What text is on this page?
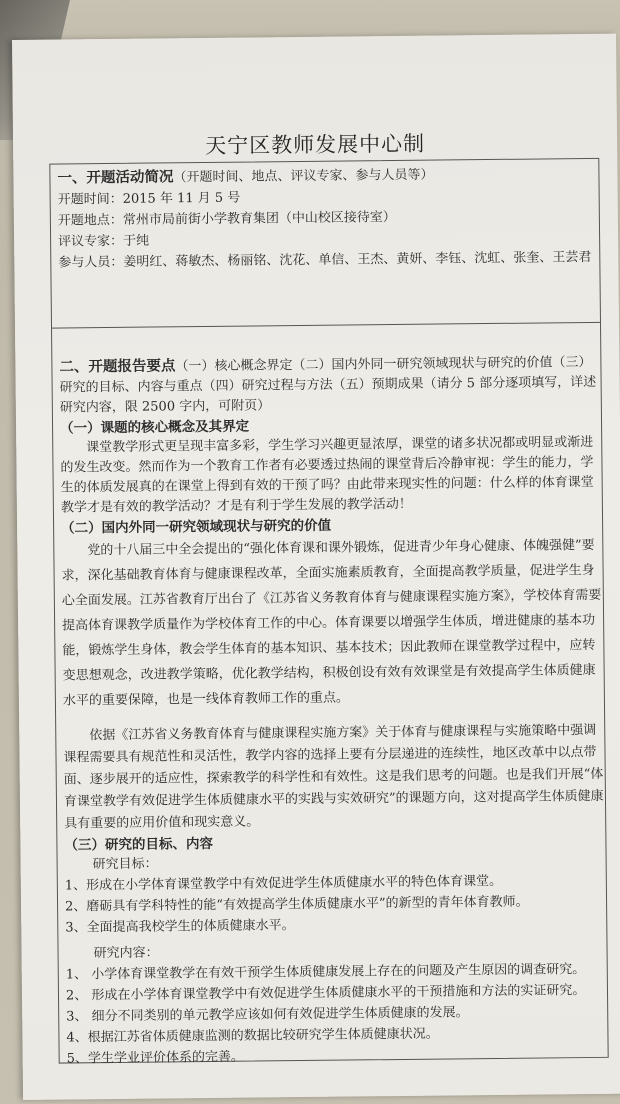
天宁区教师发展中心制
一、开题活动简况（开题时间、地点、评议专家、参与人员等）
开题时间： 2015 年 11 月 5 号
开题地点： 常州市局前街小学教育集团（中山校区接待室）
评议专家： 于纯
参与人员： 姜明红、蒋敏杰、杨丽铭、沈花、单信、王杰、黄妍、李钰、沈虹、张奎、王芸君

二、开题报告要点（一）核心概念界定（二）国内外同一研究领域现状与研究的价值（三）研究的目标、内容与重点（四）研究过程与方法（五）预期成果（请分 5 部分逐项填写，详述研究内容，限 2500 字内，可附页）

（一）课题的核心概念及其界定

课堂教学形式更呈现丰富多彩，学生学习兴趣更显浓厚，课堂的诸多状况都或明显或渐进的发生改变。然而作为一个教育工作者有必要透过热闹的课堂背后冷静审视：学生的能力，学生的体质发展真的在课堂上得到有效的干预了吗？由此带来现实性的问题：什么样的体育课堂教学才是有效的教学活动？才是有利于学生发展的教学活动！

（二）国内外同一研究领域现状与研究的价值

党的十八届三中全会提出的“强化体育课和课外锻炼，促进青少年身心健康、体魄强健”要求，深化基础教育体育与健康课程改革，全面实施素质教育，全面提高教学质量，促进学生身心全面发展。江苏省教育厅出台了《江苏省义务教育体育与健康课程实施方案》，学校体育需要提高体育课教学质量作为学校体育工作的中心。体育课要以增强学生体质，增进健康的基本功能，锻炼学生身体，教会学生体育的基本知识、基本技术；因此教师在课堂教学过程中，应转变思想观念，改进教学策略，优化教学结构，积极创设有效有效课堂是有效提高学生体质健康水平的重要保障，也是一线体育教师工作的重点。

依据《江苏省义务教育体育与健康课程实施方案》关于体育与健康课程与实施策略中强调课程需要具有规范性和灵活性，教学内容的选择上要有分层递进的连续性，地区改革中以点带面、逐步展开的适应性，探索教学的科学性和有效性。这是我们思考的问题。也是我们开展“体育课堂教学有效促进学生体质健康水平的实践与实效研究”的课题方向，这对提高学生体质健康具有重要的应用价值和现实意义。

（三）研究的目标、内容

研究目标：

1、形成在小学体育课堂教学中有效促进学生体质健康水平的特色体育课堂。

2、磨砺具有学科特性的能“有效提高学生体质健康水平”的新型的青年体育教师。

3、全面提高我校学生的体质健康水平。

研究内容：

1、 小学体育课堂教学在有效干预学生体质健康发展上存在的问题及产生原因的调查研究。

2、 形成在小学体育课堂教学中有效促进学生体质健康水平的干预措施和方法的实证研究。

3、 细分不同类别的单元教学应该如何有效促进学生体质健康的发展。

4、根据江苏省体质健康监测的数据比较研究学生体质健康状况。

5、学生学业评价体系的完善。
